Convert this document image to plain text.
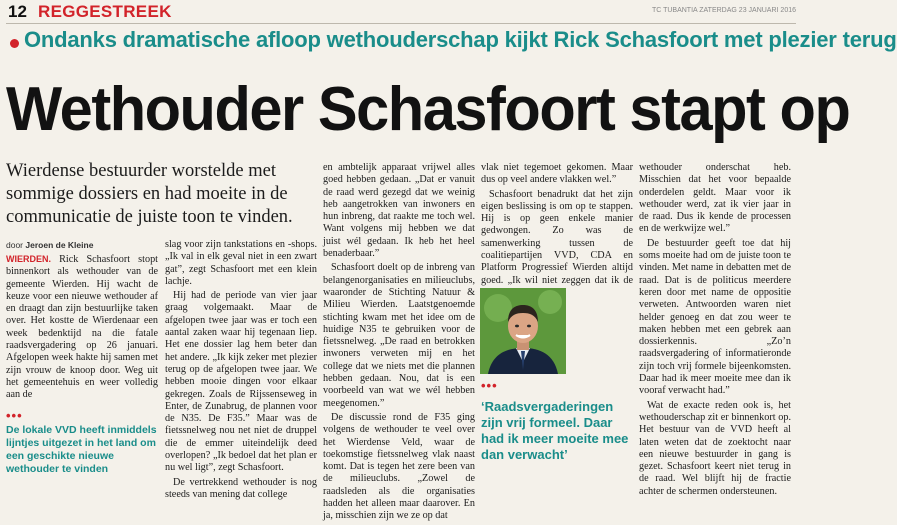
12 REGGESTREEK	TC TUBANTIA ZATERDAG 23 JANUARI 2016
Ondanks dramatische afloop wethouderschap kijkt Rick Schasfoort met plezier terug
Wethouder Schasfoort stapt op
Wierdense bestuurder worstelde met sommige dossiers en had moeite in de communicatie de juiste toon te vinden.
door Jeroen de Kleine

WIERDEN. Rick Schasfoort stopt binnenkort als wethouder van de gemeente Wierden. Hij wacht de keuze voor een nieuwe wethouder af en draagt dan zijn bestuurlijke taken over. Het kostte de Wierdenaar een week bedenktijd na die fatale raadsvergadering op 26 januari. Afgelopen week hakte hij samen met zijn vrouw de knoop door. Weg uit het gemeentehuis en weer volledig aan de

slag voor zijn tankstations en -shops. „Ik val in elk geval niet in een zwart gat”, zegt Schasfoort met een klein lachje.

Hij had de periode van vier jaar graag volgemaakt. Maar de afgelopen twee jaar was er toch een aantal zaken waar hij tegenaan liep. Het ene dossier lag hem beter dan het andere. „Ik kijk zeker met plezier terug op de afgelopen twee jaar. We hebben mooie dingen voor elkaar gekregen. Zoals de Rijssenseweg in Enter, de Zunabrug, de plannen voor de N35. De F35.” Maar was de fietssnelweg nou net niet de druppel die de emmer uiteindelijk deed overlopen? „Ik bedoel dat het plan er nu wel ligt”, zegt Schasfoort.

De vertrekkend wethouder is nog steeds van mening dat college

en ambtelijk apparaat vrijwel alles goed hebben gedaan. „Dat er vanuit de raad werd gezegd dat we weinig heb aangetrokken van inwoners en hun inbreng, dat raakte me toch wel. Want volgens mij hebben we dat juist wél gedaan. Ik heb het heel benaderbaar.”

Schasfoort doelt op de inbreng van belangenorganisaties en milieuclubs, waaronder de Stichting Natuur & Milieu Wierden. Laatstgenoemde stichting kwam met het idee om de huidige N35 te gebruiken voor de fietssnelweg. „De raad en betrokken inwoners verweten mij en het college dat we niets met die plannen hebben gedaan. Nou, dat is een voorbeeld van wat we wél hebben meegenomen.”

De discussie rond de F35 ging volgens de wethouder te veel over het Wierdense Veld, waar de toekomstige fietssnelweg vlak naast komt. Dat is tegen het zere been van de milieuclubs. „Zowel de raadsleden als die organisaties hadden het alleen maar daarover. En ja, misschien zijn we ze op dat

vlak niet tegemoet gekomen. Maar dus op veel andere vlakken wel.”

Schasfoort benadrukt dat het zijn eigen beslissing is om op te stappen. Hij is op geen enkele manier gedwongen. Zo was de samenwerking tussen de coalitiepartijen VVD, CDA en Platform Progressief Wierden altijd goed. „Ik wil niet zeggen dat ik de

wethouder onderschat heb. Misschien dat het voor bepaalde onderdelen geldt. Maar voor ik wethouder werd, zat ik vier jaar in de raad. Dus ik kende de processen en de werkwijze wel.”

De bestuurder geeft toe dat hij soms moeite had om de juiste toon te vinden. Met name in debatten met de raad. Dat is de politicus meerdere keren door met name de oppositie verweten. Antwoorden waren niet helder genoeg en dat zou weer te maken hebben met een gebrek aan dossierkennis. „Zo’n raadsvergadering of informatieronde zijn toch vrij formele bijeenkomsten. Daar had ik meer moeite mee dan ik vooraf verwacht had.”

Wat de exacte reden ook is, het wethouderschap zit er binnenkort op. Het bestuur van de VVD heeft al laten weten dat de zoektocht naar een nieuwe bestuurder in gang is gezet. Schasfoort keert niet terug in de raad. Wel blijft hij de fractie achter de schermen ondersteunen.

•••
De lokale VVD heeft inmiddels lijntjes uitgezet in het land om een geschikte nieuwe wethouder te vinden
•••
‘Raadsvergaderingen zijn vrij formeel. Daar had ik meer moeite mee dan verwacht’
